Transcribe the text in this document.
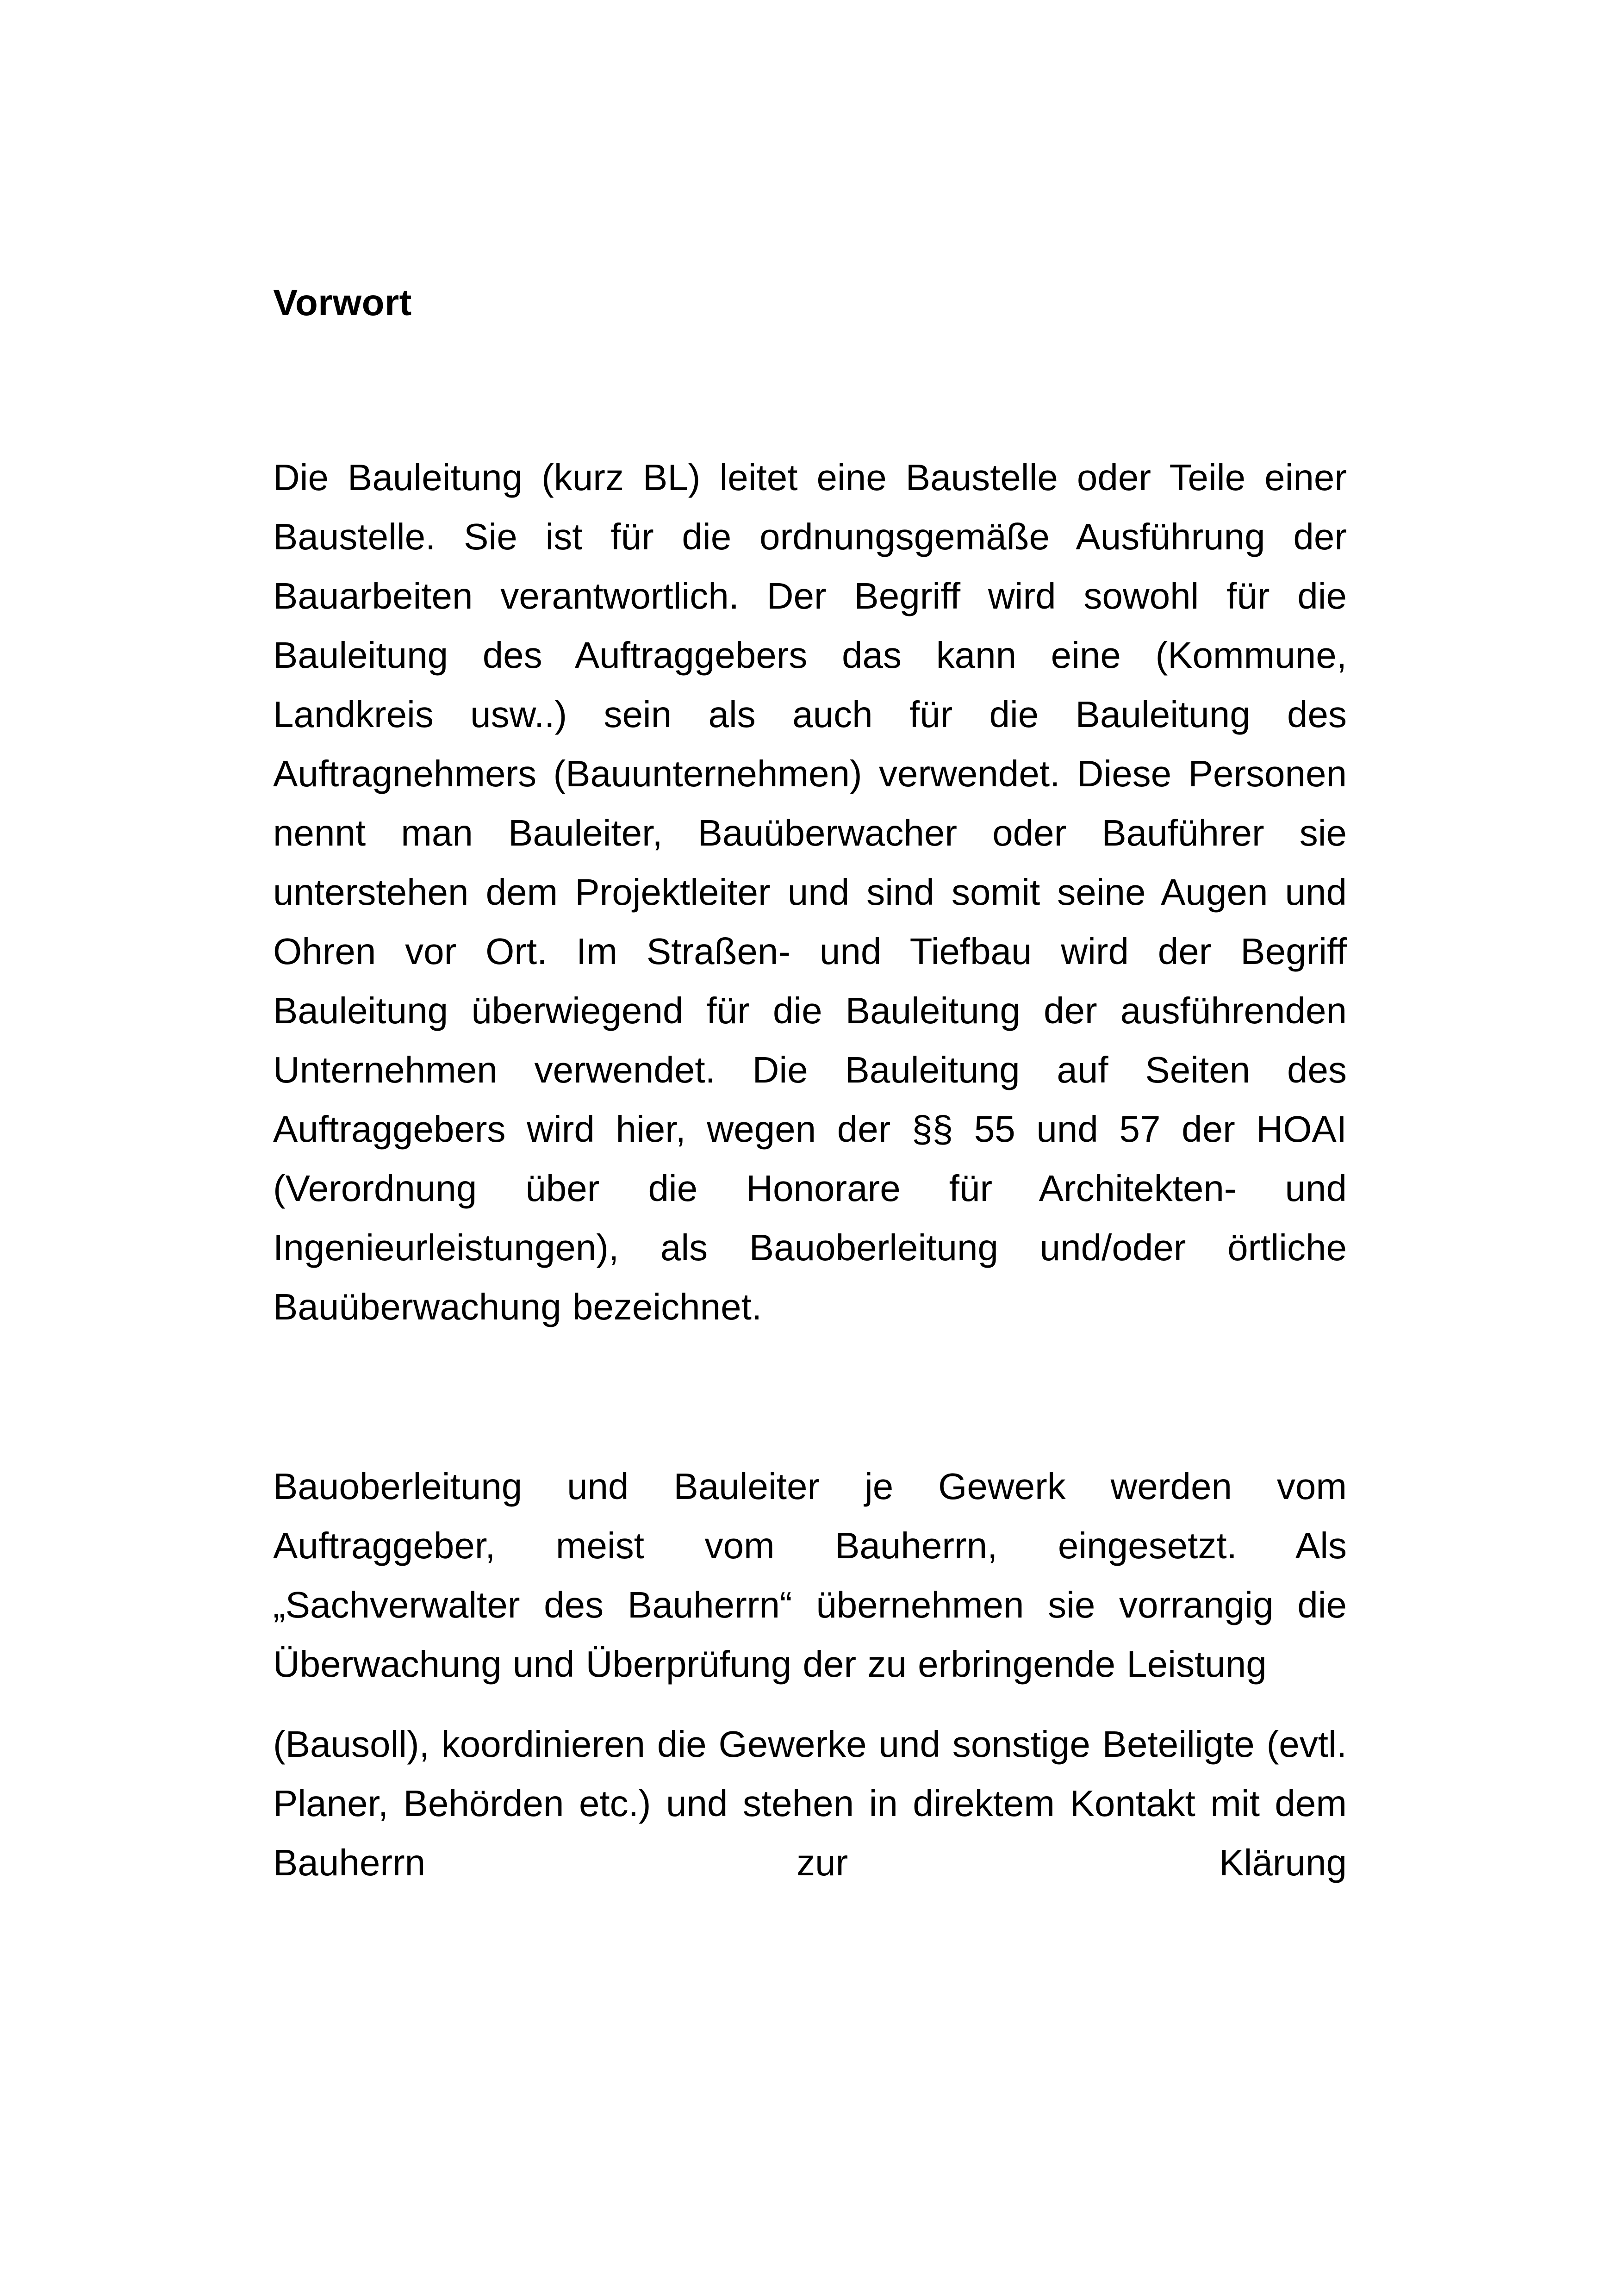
Vorwort

Die Bauleitung (kurz BL) leitet eine Baustelle oder Teile einer Baustelle. Sie ist für die ordnungsgemäße Ausführung der Bauarbeiten verantwortlich. Der Begriff wird sowohl für die Bauleitung des Auftraggebers das kann eine (Kommune, Landkreis usw..) sein als auch für die Bauleitung des Auftragnehmers (Bauunternehmen) verwendet. Diese Personen nennt man Bauleiter, Bauüberwacher oder Bauführer sie unterstehen dem Projektleiter und sind somit seine Augen und Ohren vor Ort. Im Straßen- und Tiefbau wird der Begriff Bauleitung überwiegend für die Bauleitung der ausführenden Unternehmen verwendet. Die Bauleitung auf Seiten des Auftraggebers wird hier, wegen der §§ 55 und 57 der HOAI (Verordnung über die Honorare für Architekten- und Ingenieurleistungen), als Bauoberleitung und/oder örtliche Bauüberwachung bezeichnet.

Bauoberleitung und Bauleiter je Gewerk werden vom Auftraggeber, meist vom Bauherrn, eingesetzt. Als „Sachverwalter des Bauherrn“ übernehmen sie vorrangig die Überwachung und Überprüfung der zu erbringende Leistung

(Bausoll), koordinieren die Gewerke und sonstige Beteiligte (evtl. Planer, Behörden etc.) und stehen in direktem Kontakt mit dem Bauherrn zur Klärung
